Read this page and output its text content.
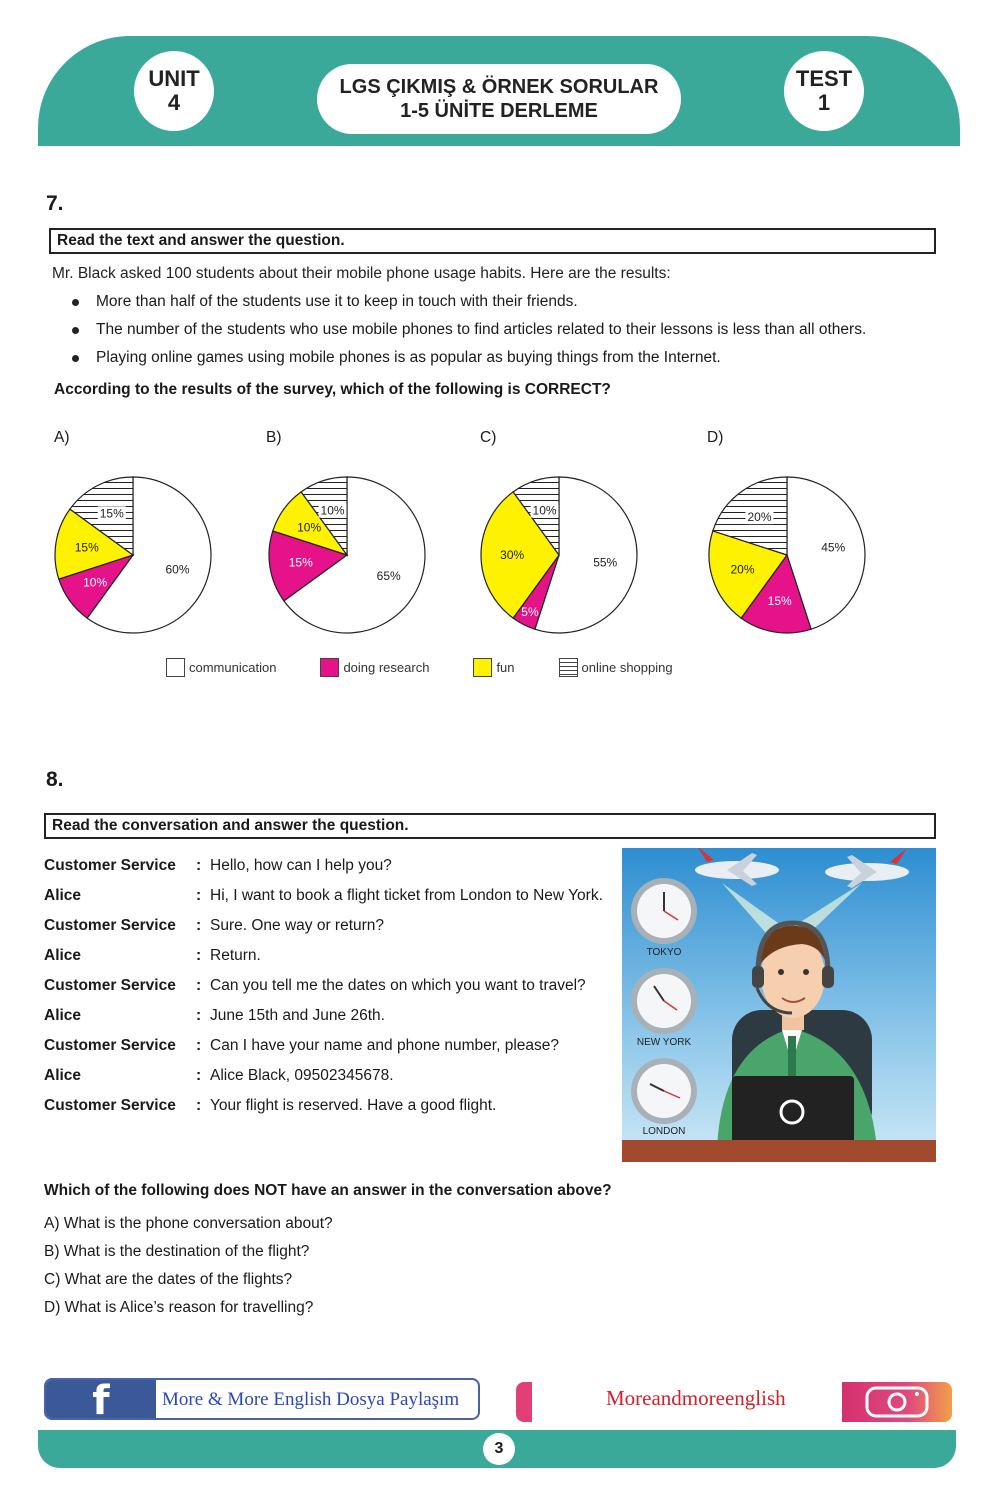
UNIT
4
LGS ÇIKMIŞ & ÖRNEK SORULAR
1-5 ÜNİTE DERLEME
TEST
1
7.
Read the text and answer the question.
Mr. Black asked 100 students about their mobile phone usage habits. Here are the results:
More than half of the students use it to keep in touch with their friends.
The number of the students who use mobile phones to find articles related to their lessons is less than all others.
Playing online games using mobile phones is as popular as buying things from the Internet.
According to the results of the survey, which of the following is CORRECT?
A)	B)	C)	D)
60%
10%
15%
15%
65%
15%
10%
10%
55%
5%
30%
10%
45%
15%
20%
20%
communication	doing research	fun	online shopping
8.
Read the conversation and answer the question.
Customer Service	: Hello, how can I help you?
Alice	: Hi, I want to book a flight ticket from London to New York.
Customer Service	: Sure. One way or return?
Alice	: Return.
Customer Service	: Can you tell me the dates on which you want to travel?
Alice	: June 15th and June 26th.
Customer Service	: Can I have your name and phone number, please?
Alice	: Alice Black, 09502345678.
Customer Service	: Your flight is reserved. Have a good flight.
TOKYO
NEW YORK
LONDON
Which of the following does NOT have an answer in the conversation above?
A) What is the phone conversation about?
B) What is the destination of the flight?
C) What are the dates of the flights?
D) What is Alice’s reason for travelling?
f	More & More English Dosya Paylaşım	Moreandmoreenglish
3
